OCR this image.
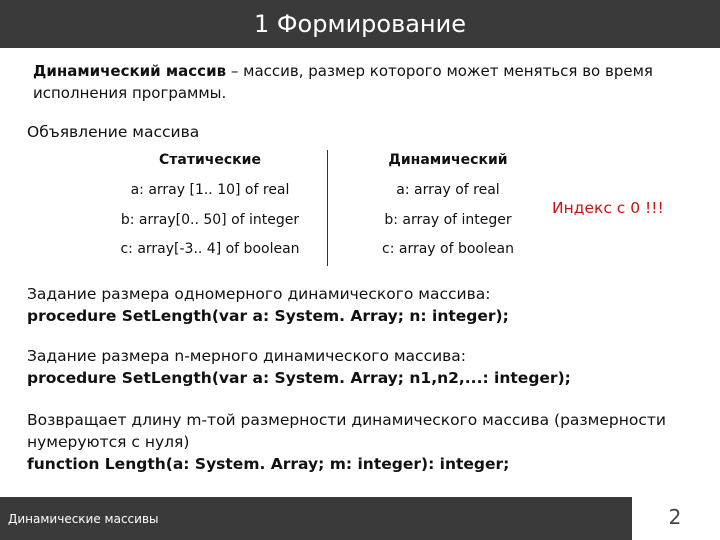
1 Формирование
Динамический массив – массив, размер которого может меняться во время исполнения программы.
Объявление массива
Статические
a: array [1.. 10] of real
b: array[0.. 50] of integer
c: array[-3.. 4] of boolean
Динамический
a: array of real
b: array of integer
c: array of boolean
Индекс с 0 !!!
Задание размера одномерного динамического массива:
procedure SetLength(var a: System. Array; n: integer);
Задание размера n-мерного динамического массива:
procedure SetLength(var a: System. Array; n1,n2,...: integer);
Возвращает длину m-той размерности динамического массива (размерности нумеруются с нуля)
function Length(a: System. Array; m: integer): integer;
Динамические массивы	2
